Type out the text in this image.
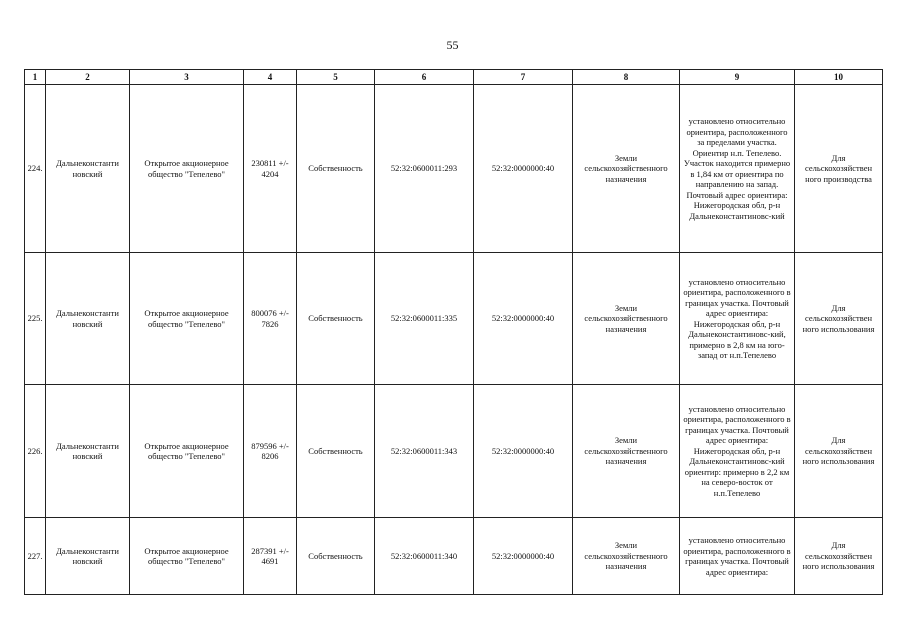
55
1	2	3	4	5	6	7	8	9	10
224.	Дальнеконстанти новский	Открытое акционерное общество "Тепелево"	230811 +/- 4204	Собственность	52:32:0600011:293	52:32:0000000:40	Земли сельскохозяйственного назначения	установлено относительно ориентира, расположенного за пределами участка. Ориентир н.п. Тепелево. Участок находится примерно в 1,84 км от ориентира по направлению на запад. Почтовый адрес ориентира: Нижегородская обл, р-н Дальнеконстантиновс-кий	Для сельскохозяйствен ного производства
225.	Дальнеконстанти новский	Открытое акционерное общество "Тепелево"	800076 +/- 7826	Собственность	52:32:0600011:335	52:32:0000000:40	Земли сельскохозяйственного назначения	установлено относительно ориентира, расположенного в границах участка. Почтовый адрес ориентира: Нижегородская обл, р-н Дальнеконстантиновс-кий, примерно в 2,8 км на юго-запад от н.п.Тепелево	Для сельскохозяйствен ного использования
226.	Дальнеконстанти новский	Открытое акционерное общество "Тепелево"	879596 +/- 8206	Собственность	52:32:0600011:343	52:32:0000000:40	Земли сельскохозяйственного назначения	установлено относительно ориентира, расположенного в границах участка. Почтовый адрес ориентира: Нижегородская обл, р-н Дальнеконстантиновс-кий ориентир: примерно в 2,2 км на северо-восток от н.п.Тепелево	Для сельскохозяйствен ного использования
227.	Дальнеконстанти новский	Открытое акционерное общество "Тепелево"	287391 +/- 4691	Собственность	52:32:0600011:340	52:32:0000000:40	Земли сельскохозяйственного назначения	установлено относительно ориентира, расположенного в границах участка. Почтовый адрес ориентира:	Для сельскохозяйствен ного использования
